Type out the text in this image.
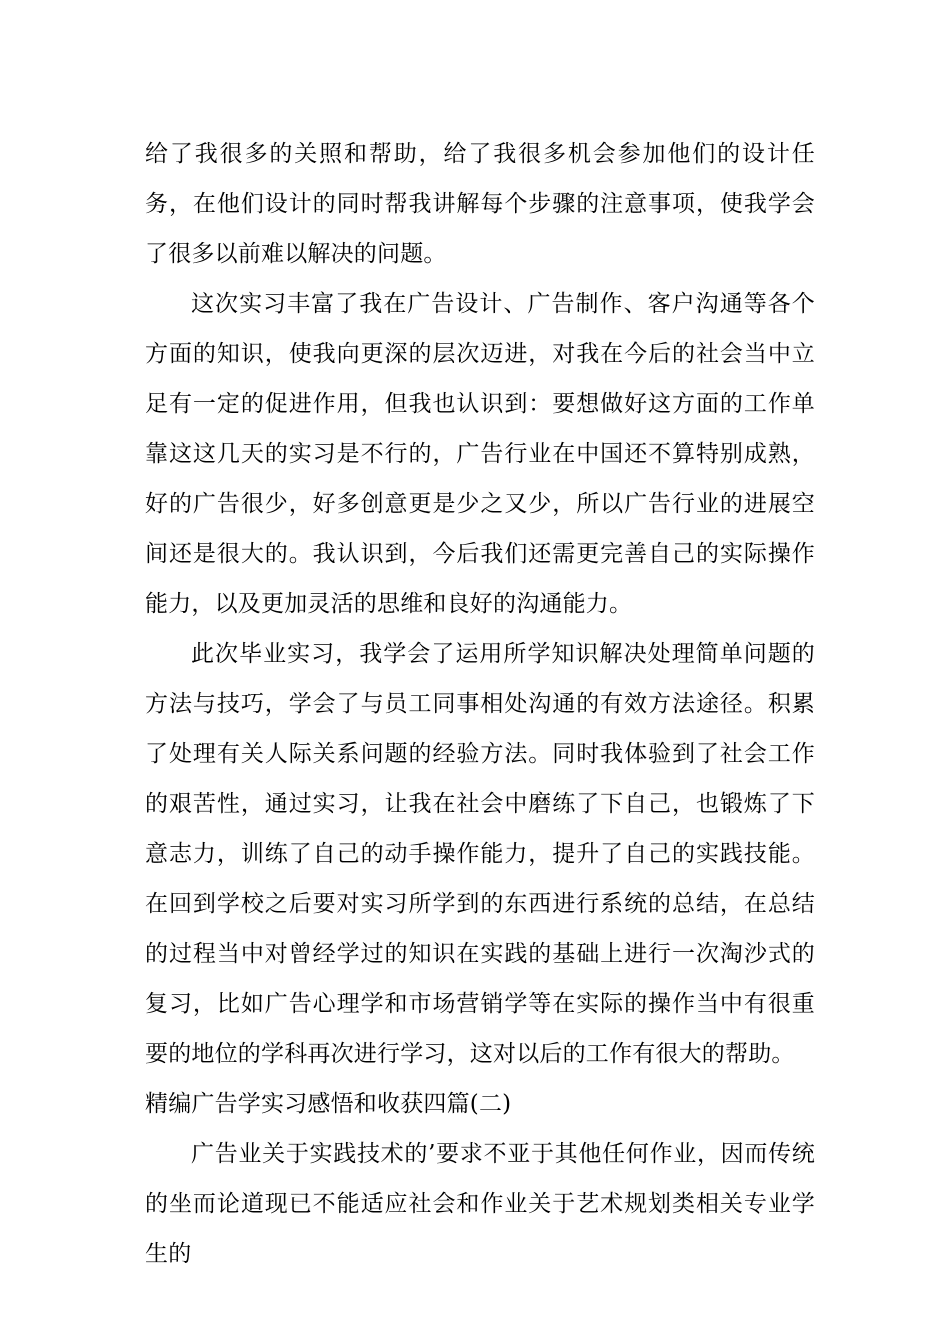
给了我很多的关照和帮助，给了我很多机会参加他们的设计任务，在他们设计的同时帮我讲解每个步骤的注意事项，使我学会了很多以前难以解决的问题。

这次实习丰富了我在广告设计、广告制作、客户沟通等各个方面的知识，使我向更深的层次迈进，对我在今后的社会当中立足有一定的促进作用，但我也认识到：要想做好这方面的工作单靠这这几天的实习是不行的，广告行业在中国还不算特别成熟，好的广告很少，好多创意更是少之又少，所以广告行业的进展空间还是很大的。我认识到，今后我们还需更完善自己的实际操作能力，以及更加灵活的思维和良好的沟通能力。

此次毕业实习，我学会了运用所学知识解决处理简单问题的方法与技巧，学会了与员工同事相处沟通的有效方法途径。积累了处理有关人际关系问题的经验方法。同时我体验到了社会工作的艰苦性，通过实习，让我在社会中磨练了下自己，也锻炼了下意志力，训练了自己的动手操作能力，提升了自己的实践技能。在回到学校之后要对实习所学到的东西进行系统的总结，在总结的过程当中对曾经学过的知识在实践的基础上进行一次淘沙式的复习，比如广告心理学和市场营销学等在实际的操作当中有很重要的地位的学科再次进行学习，这对以后的工作有很大的帮助。

精编广告学实习感悟和收获四篇(二)

广告业关于实践技术的’要求不亚于其他任何作业，因而传统的坐而论道现已不能适应社会和作业关于艺术规划类相关专业学生的
